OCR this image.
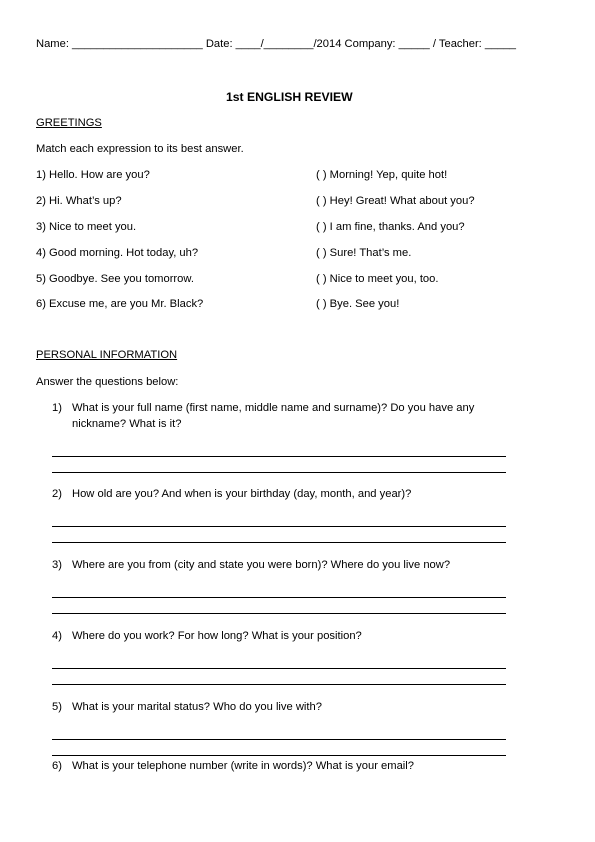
Name: _____________________ Date: ____/________/2014 Company: _____ / Teacher: _____
1st ENGLISH REVIEW
GREETINGS
Match each expression to its best answer.
1) Hello. How are you?
2) Hi. What’s up?
3) Nice to meet you.
4) Good morning. Hot today, uh?
5) Goodbye. See you tomorrow.
6) Excuse me, are you Mr. Black?
( ) Morning! Yep, quite hot!
( ) Hey! Great! What about you?
( ) I am fine, thanks. And you?
( ) Sure! That’s me.
( ) Nice to meet you, too.
( ) Bye. See you!
PERSONAL INFORMATION
Answer the questions below:
1) What is your full name (first name, middle name and surname)? Do you have any
nickname? What is it?
2) How old are you? And when is your birthday (day, month, and year)?
3) Where are you from (city and state you were born)? Where do you live now?
4) Where do you work? For how long? What is your position?
5) What is your marital status? Who do you live with?
6) What is your telephone number (write in words)? What is your email?
